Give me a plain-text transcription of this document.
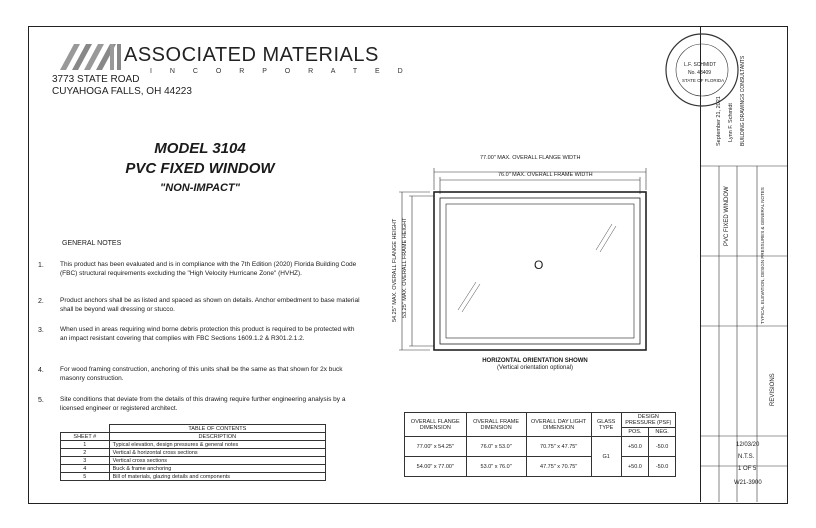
ASSOCIATED MATERIALS
I N C O R P O R A T E D
3773 STATE ROAD
CUYAHOGA FALLS, OH 44223
MODEL 3104
PVC FIXED WINDOW
"NON-IMPACT"
GENERAL NOTES
1. This product has been evaluated and is in compliance with the 7th Edition (2020) Florida Building Code (FBC) structural requirements excluding the "High Velocity Hurricane Zone" (HVHZ).
2. Product anchors shall be as listed and spaced as shown on details. Anchor embedment to base material shall be beyond wall dressing or stucco.
3. When used in areas requiring wind borne debris protection this product is required to be protected with an impact resistant covering that complies with FBC Sections 1609.1.2 & R301.2.1.2.
4. For wood framing construction, anchoring of this units shall be the same as that shown for 2x buck masonry construction.
5. Site conditions that deviate from the details of this drawing require further engineering analysis by a licensed engineer or registered architect.
	TABLE OF CONTENTS
SHEET #	DESCRIPTION
1	Typical elevation, design pressures & general notes
2	Vertical & horizontal cross sections
3	Vertical cross sections
4	Buck & frame anchoring
5	Bill of materials, glazing details and components
77.00" MAX. OVERALL FLANGE WIDTH
76.0" MAX. OVERALL FRAME WIDTH
54.25" MAX. OVERALL FLANGE HEIGHT 53.25" MAX. OVERALL FRAME HEIGHT	O
HORIZONTAL ORIENTATION SHOWN
(Vertical orientation optional)
OVERALL FLANGE DIMENSION	OVERALL FRAME DIMENSION	OVERALL DAY LIGHT DIMENSION	GLASS TYPE	DESIGN PRESSURE (PSF)	
				POS.	NEG.
77.00" x 54.25"	76.0" x 53.0"	70.75" x 47.75"	G1	+50.0	-50.0
54.00" x 77.00"	53.0" x 76.0"	47.75" x 70.75"		+50.0	-50.0
L.F. SCHMIDT
No. 43409
STATE OF FLORIDA
September 21, 2021 Lynn F. Schmidt BUILDING DRAWINGS CONSULTANTS
PVC FIXED WINDOW	TYPICAL ELEVATION, DESIGN PRESSURES & GENERAL NOTES
12/03/20
N.T.S.
1 OF 5
W21-3900
REVISIONS
